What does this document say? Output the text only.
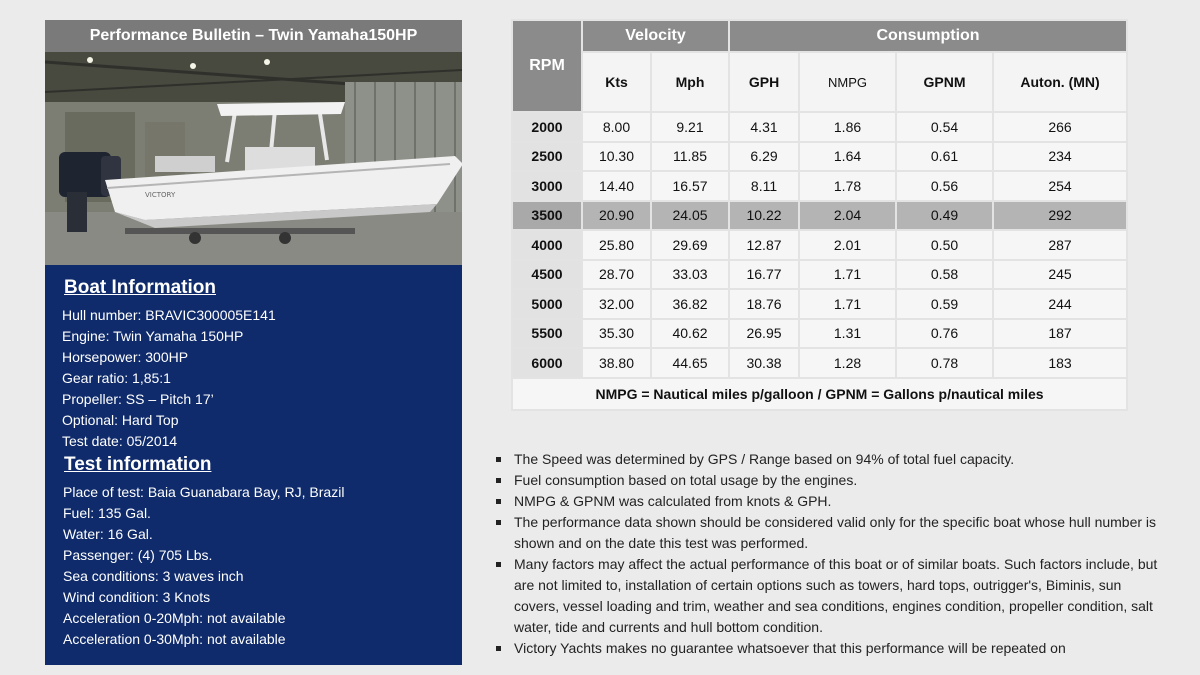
Performance Bulletin – Twin Yamaha150HP
VICTORY
Boat Information
Hull number: BRAVIC300005E141
Engine: Twin Yamaha 150HP
Horsepower: 300HP
Gear ratio: 1,85:1
Propeller: SS – Pitch 17’
Optional: Hard Top
Test date: 05/2014
Test information
Place of test: Baia Guanabara Bay, RJ, Brazil
Fuel: 135 Gal.
Water: 16 Gal.
Passenger: (4) 705 Lbs.
Sea conditions: 3 waves inch
Wind condition: 3 Knots
Acceleration 0-20Mph: not available
Acceleration 0-30Mph: not available
RPM	Velocity		Consumption			
	Kts	Mph	GPH	NMPG	GPNM	Auton. (MN)
2000	8.00	9.21	4.31	1.86	0.54	266
2500	10.30	11.85	6.29	1.64	0.61	234
3000	14.40	16.57	8.11	1.78	0.56	254
3500	20.90	24.05	10.22	2.04	0.49	292
4000	25.80	29.69	12.87	2.01	0.50	287
4500	28.70	33.03	16.77	1.71	0.58	245
5000	32.00	36.82	18.76	1.71	0.59	244
5500	35.30	40.62	26.95	1.31	0.76	187
6000	38.80	44.65	30.38	1.28	0.78	183
NMPG = Nautical miles p/galloon / GPNM = Gallons p/nautical miles						
The Speed was determined by GPS / Range based on 94% of total fuel capacity.
Fuel consumption based on total usage by the engines.
NMPG & GPNM was calculated from knots & GPH.
The performance data shown should be considered valid only for the specific boat whose hull number is shown and on the date this test was performed.
Many factors may affect the actual performance of this boat or of similar boats. Such factors include, but are not limited to, installation of certain options such as towers, hard tops, outrigger's, Biminis, sun covers, vessel loading and trim, weather and sea conditions, engines condition, propeller condition, salt water, tide and currents and hull bottom condition.
Victory Yachts makes no guarantee whatsoever that this performance will be repeated on
